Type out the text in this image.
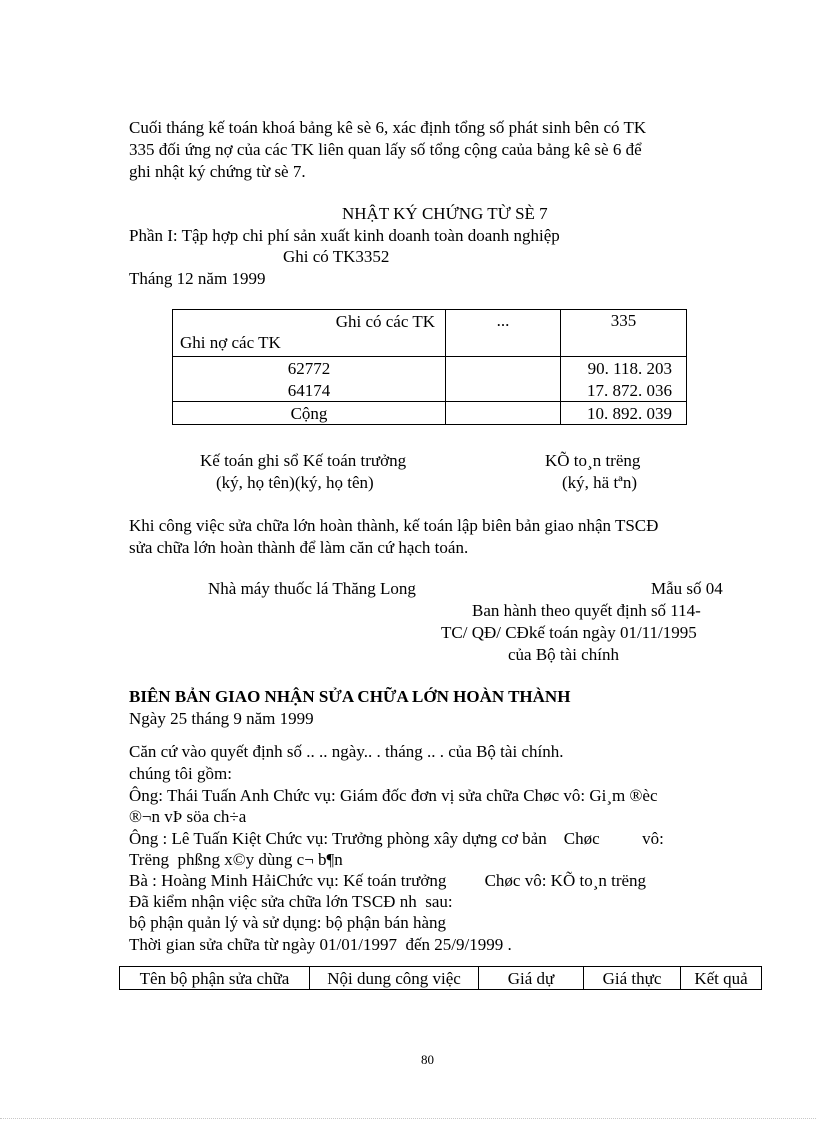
Cuối tháng kế toán khoá bảng kê sè 6, xác định tổng số phát sinh bên có TK
335 đối ứng nợ của các TK liên quan lấy số tổng cộng caủa bảng kê sè 6 để
ghi nhật ký chứng từ sè 7.
NHẬT KÝ CHỨNG TỪ SÈ 7
Phần I: Tập hợp chi phí sản xuất kinh doanh toàn doanh nghiệp
Ghi có TK3352
Tháng 12 năm 1999
Ghi có các TK
Ghi nợ các TK	...	335
62772		90. 118. 203
64174		17. 872. 036
Cộng		10. 892. 039
Kế toán ghi sổ Kế toán trưởng
(ký, họ tên)(ký, họ tên)
KÕ to¸n trëng
(ký, hä tªn)
Khi công việc sửa chữa lớn hoàn thành, kế toán lập biên bản giao nhận TSCĐ
sửa chữa lớn hoàn thành để làm căn cứ hạch toán.
Nhà máy thuốc lá Thăng Long	Mẫu số 04
Ban hành theo quyết định số 114-
TC/ QĐ/ CĐkế toán ngày 01/11/1995
của Bộ tài chính
BIÊN BẢN GIAO NHẬN SỬA CHỮA LỚN HOÀN THÀNH
Ngày 25 tháng 9 năm 1999
Căn cứ vào quyết định số .. .. ngày.. . tháng .. . của Bộ tài chính.
chúng tôi gồm:
Ông: Thái Tuấn Anh Chức vụ: Giám đốc đơn vị sửa chữa Chøc vô: Gi¸m ®èc
®¬n vÞ söa ch÷a
Ông : Lê Tuấn Kiệt Chức vụ: Trưởng phòng xây dựng cơ bản    Chøc          vô:
Trëng  phßng x©y dùng c¬ b¶n
Bà : Hoàng Minh HảiChức vụ: Kế toán trưởng         Chøc vô: KÕ to¸n trëng
Đã kiểm nhận việc sửa chữa lớn TSCĐ nh  sau:
bộ phận quản lý và sử dụng: bộ phận bán hàng
Thời gian sửa chữa từ ngày 01/01/1997  đến 25/9/1999 .
Tên bộ phận sửa chữa	Nội dung công việc	Giá dự	Giá thực	Kết quả
80
